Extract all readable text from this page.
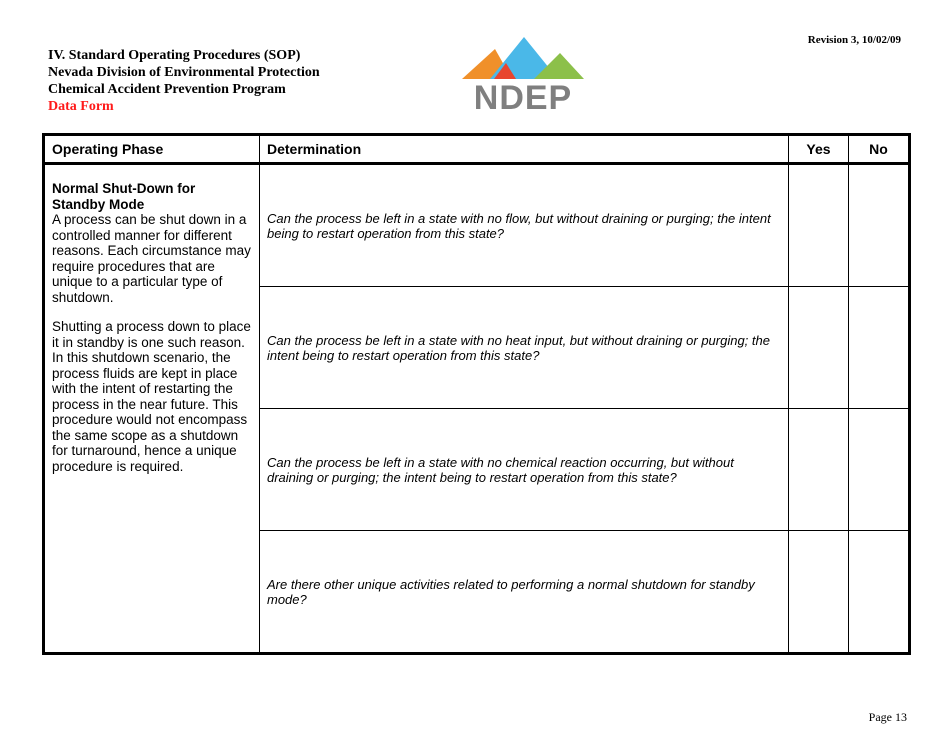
Revision 3, 10/02/09
IV. Standard Operating Procedures (SOP)
Nevada Division of Environmental Protection
Chemical Accident Prevention Program
Data Form	NDEP
Operating Phase	Determination	Yes	No

Normal Shut-Down for Standby Mode

A process can be shut down in a controlled manner for different reasons. Each circumstance may require procedures that are unique to a particular type of shutdown.

Shutting a process down to place it in standby is one such reason. In this shutdown scenario, the process fluids are kept in place with the intent of restarting the process in the near future. This procedure would not encompass the same scope as a shutdown for turnaround, hence a unique procedure is required.	Can the process be left in a state with no flow, but without draining or purging; the intent being to restart operation from this state?		
	Can the process be left in a state with no heat input, but without draining or purging; the intent being to restart operation from this state?		
	Can the process be left in a state with no chemical reaction occurring, but without draining or purging; the intent being to restart operation from this state?		
	Are there other unique activities related to performing a normal shutdown for standby mode?		
Page 13
